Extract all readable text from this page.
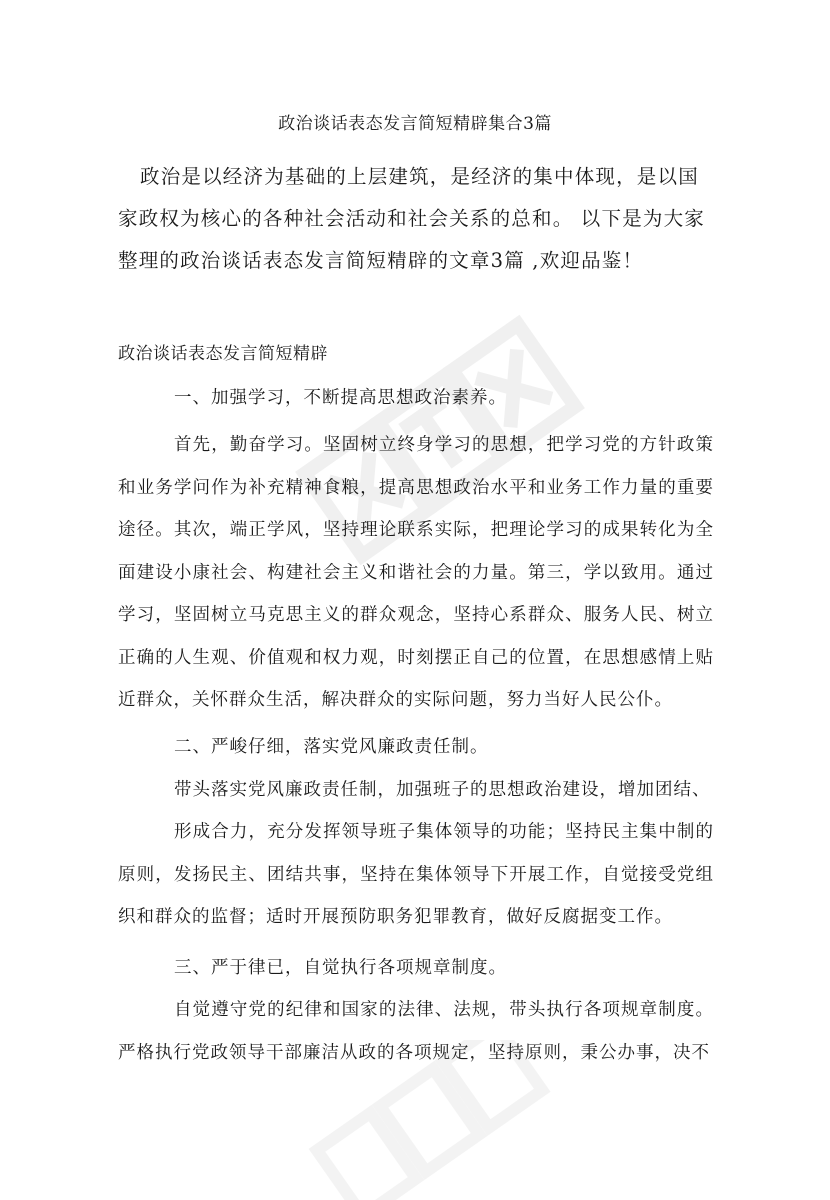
政治谈话表态发言简短精辟集合3篇

政治是以经济为基础的上层建筑，是经济的集中体现，是以国家政权为核心的各种社会活动和社会关系的总和。 以下是为大家整理的政治谈话表态发言简短精辟的文章3篇 ,欢迎品鉴！

政治谈话表态发言简短精辟
一、加强学习，不断提高思想政治素养。

首先，勤奋学习。坚固树立终身学习的思想，把学习党的方针政策和业务学问作为补充精神食粮，提高思想政治水平和业务工作力量的重要途径。其次，端正学风，坚持理论联系实际，把理论学习的成果转化为全面建设小康社会、构建社会主义和谐社会的力量。第三，学以致用。通过学习，坚固树立马克思主义的群众观念，坚持心系群众、服务人民、树立正确的人生观、价值观和权力观，时刻摆正自己的位置，在思想感情上贴近群众，关怀群众生活，解决群众的实际问题，努力当好人民公仆。

二、严峻仔细，落实党风廉政责任制。
带头落实党风廉政责任制，加强班子的思想政治建设，增加团结、

形成合力，充分发挥领导班子集体领导的功能；坚持民主集中制的原则，发扬民主、团结共事，坚持在集体领导下开展工作，自觉接受党组织和群众的监督；适时开展预防职务犯罪教育，做好反腐据变工作。

三、严于律已，自觉执行各项规章制度。

自觉遵守党的纪律和国家的法律、法规，带头执行各项规章制度。严格执行党政领导干部廉洁从政的各项规定，坚持原则，秉公办事，决不
